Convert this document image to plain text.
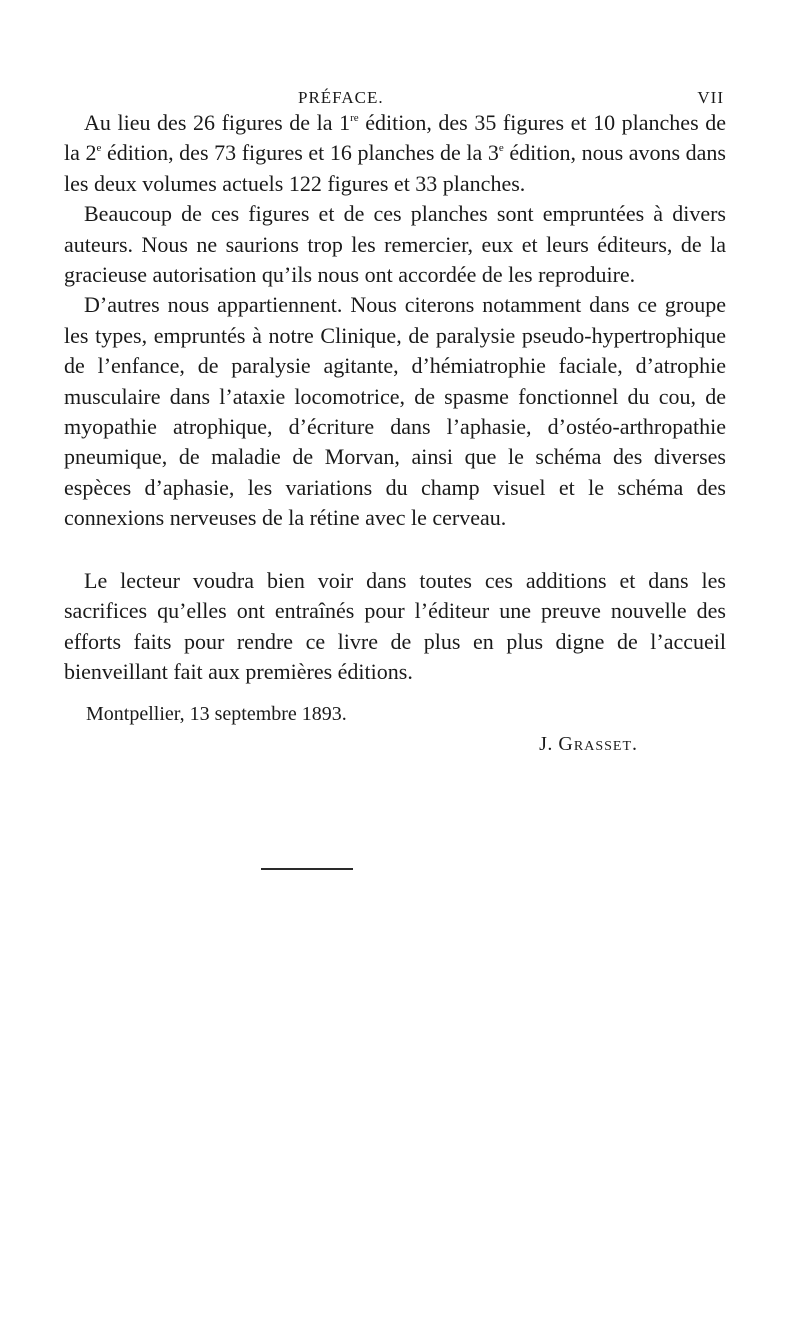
PRÉFACE.	VII

Au lieu des 26 figures de la 1re édition, des 35 figures et 10 planches de la 2e édition, des 73 figures et 16 planches de la 3e édition, nous avons dans les deux volumes actuels 122 figures et 33 planches.

Beaucoup de ces figures et de ces planches sont empruntées à divers auteurs. Nous ne saurions trop les remercier, eux et leurs éditeurs, de la gracieuse autorisation qu’ils nous ont accordée de les reproduire.

D’autres nous appartiennent. Nous citerons notamment dans ce groupe les types, empruntés à notre Clinique, de paralysie pseudo-hypertrophique de l’enfance, de paralysie agitante, d’hémiatrophie faciale, d’atrophie musculaire dans l’ataxie locomotrice, de spasme fonctionnel du cou, de myopathie atrophique, d’écriture dans l’aphasie, d’ostéo-arthropathie pneumique, de maladie de Morvan, ainsi que le schéma des diverses espèces d’aphasie, les variations du champ visuel et le schéma des connexions nerveuses de la rétine avec le cerveau.

Le lecteur voudra bien voir dans toutes ces additions et dans les sacrifices qu’elles ont entraînés pour l’éditeur une preuve nouvelle des efforts faits pour rendre ce livre de plus en plus digne de l’accueil bienveillant fait aux premières éditions.

Montpellier, 13 septembre 1893.

J. Grasset.
